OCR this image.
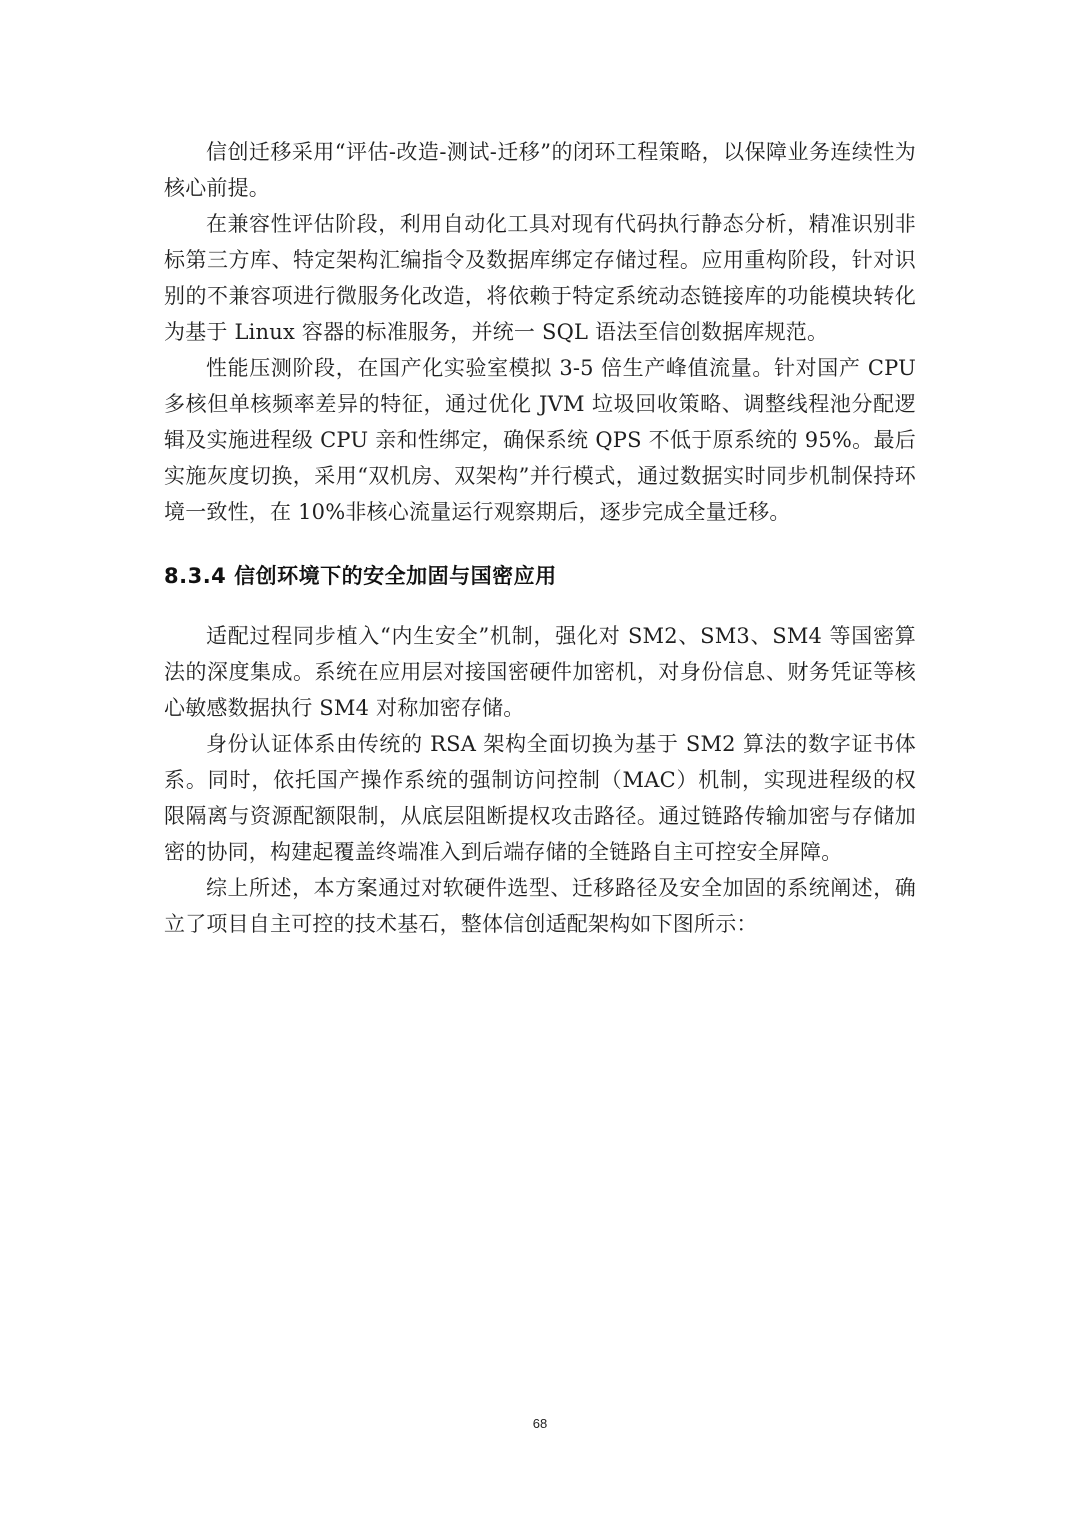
信创迁移采用“评估-改造-测试-迁移”的闭环工程策略，以保障业务连续性为核心前提。

在兼容性评估阶段，利用自动化工具对现有代码执行静态分析，精准识别非标第三方库、特定架构汇编指令及数据库绑定存储过程。应用重构阶段，针对识别的不兼容项进行微服务化改造，将依赖于特定系统动态链接库的功能模块转化为基于 Linux 容器的标准服务，并统一 SQL 语法至信创数据库规范。

性能压测阶段，在国产化实验室模拟 3-5 倍生产峰值流量。针对国产 CPU 多核但单核频率差异的特征，通过优化 JVM 垃圾回收策略、调整线程池分配逻辑及实施进程级 CPU 亲和性绑定，确保系统 QPS 不低于原系统的 95%。最后实施灰度切换，采用“双机房、双架构”并行模式，通过数据实时同步机制保持环境一致性，在 10%非核心流量运行观察期后，逐步完成全量迁移。

8.3.4 信创环境下的安全加固与国密应用

适配过程同步植入“内生安全”机制，强化对 SM2、SM3、SM4 等国密算法的深度集成。系统在应用层对接国密硬件加密机，对身份信息、财务凭证等核心敏感数据执行 SM4 对称加密存储。

身份认证体系由传统的 RSA 架构全面切换为基于 SM2 算法的数字证书体系。同时，依托国产操作系统的强制访问控制（MAC）机制，实现进程级的权限隔离与资源配额限制，从底层阻断提权攻击路径。通过链路传输加密与存储加密的协同，构建起覆盖终端准入到后端存储的全链路自主可控安全屏障。

综上所述，本方案通过对软硬件选型、迁移路径及安全加固的系统阐述，确立了项目自主可控的技术基石，整体信创适配架构如下图所示：

68
